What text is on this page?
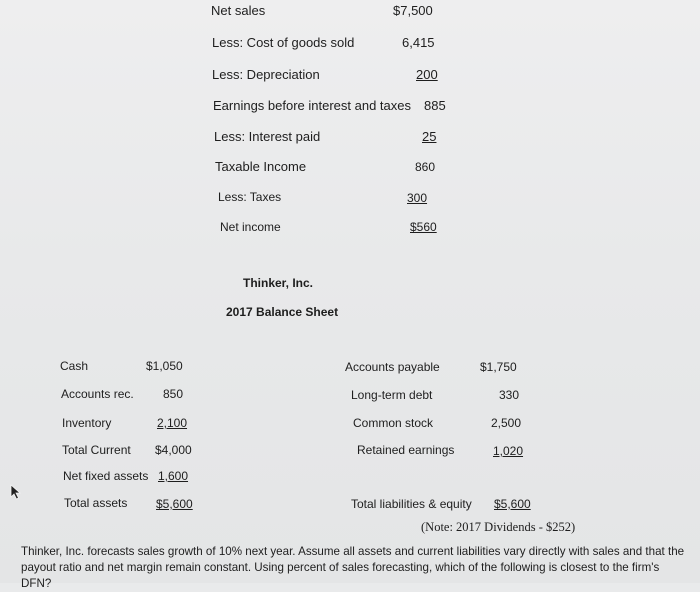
Net sales	$7,500
Less: Cost of goods sold	6,415
Less: Depreciation	200
Earnings before interest and taxes 885
Less: Interest paid	25
Taxable Income	860
Less: Taxes	300
Net income	$560
Thinker, Inc.
2017 Balance Sheet
Cash	$1,050
Accounts rec. 850
Inventory	2,100
Total Current $4,000
Net fixed assets 1,600
Total assets $5,600
Accounts payable	$1,750
Long-term debt	330
Common stock	2,500
Retained earnings	1,020
Total liabilities & equity $5,600
(Note: 2017 Dividends - $252)
Thinker, Inc. forecasts sales growth of 10% next year. Assume all assets and current liabilities vary directly with sales and that the payout ratio and net margin remain constant. Using percent of sales forecasting, which of the following is closest to the firm's DFN?
